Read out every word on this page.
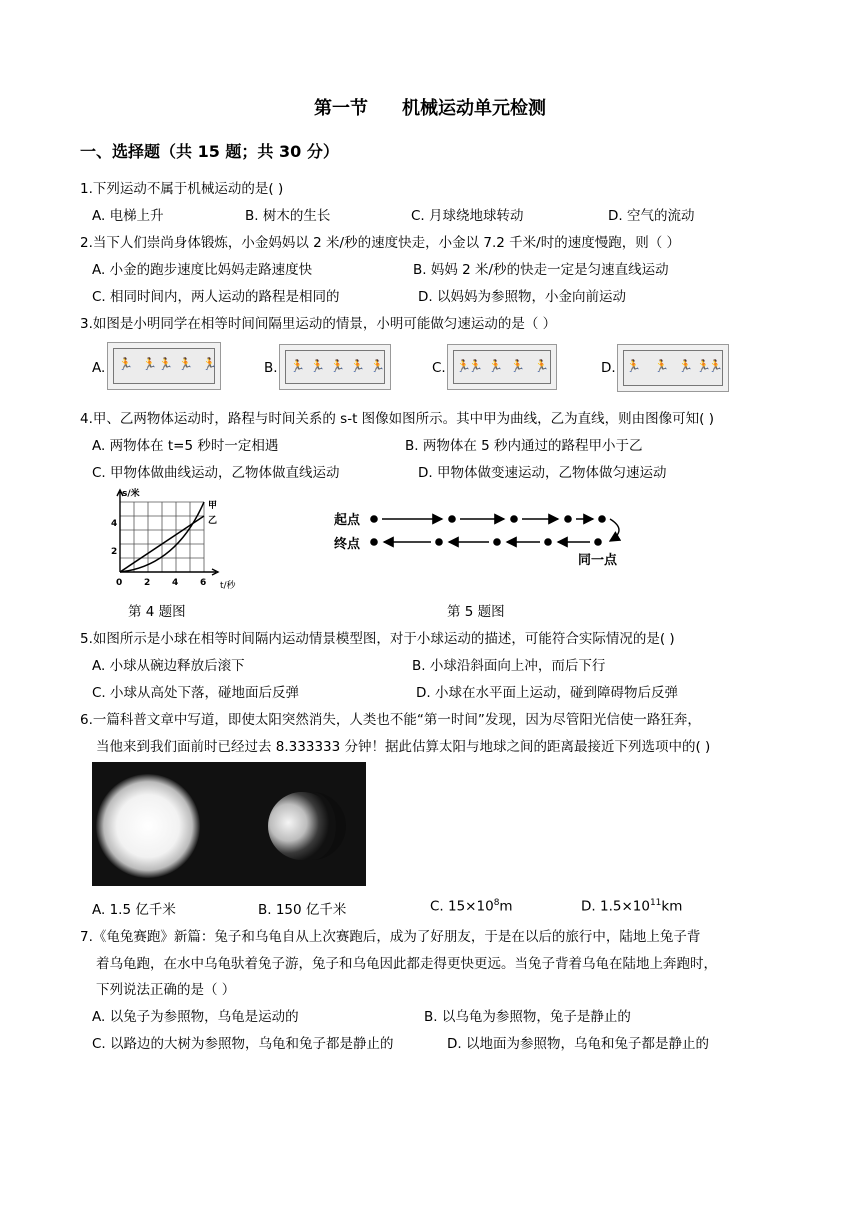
第一节 机械运动单元检测
一、选择题（共 15 题；共 30 分）
1.下列运动不属于机械运动的是( )
A. 电梯上升	B. 树木的生长	C. 月球绕地球转动	D. 空气的流动
2.当下人们崇尚身体锻炼，小金妈妈以 2 米/秒的速度快走，小金以 7.2 千米/时的速度慢跑，则（ ）
A. 小金的跑步速度比妈妈走路速度快	B. 妈妈 2 米/秒的快走一定是匀速直线运动
C. 相同时间内，两人运动的路程是相同的	D. 以妈妈为参照物，小金向前运动
3.如图是小明同学在相等时间间隔里运动的情景，小明可能做匀速运动的是（ ）
A. 🏃 🏃 🏃 🏃 🏃	B. 🏃 🏃 🏃 🏃 🏃	C. 🏃
🏃 🏃 🏃 🏃	D. 🏃 🏃 🏃 🏃
🏃
4.甲、乙两物体运动时，路程与时间关系的 s-t 图像如图所示。其中甲为曲线，乙为直线，则由图像可知( )
A. 两物体在 t=5 秒时一定相遇	B. 两物体在 5 秒内通过的路程甲小于乙
C. 甲物体做曲线运动，乙物体做直线运动	D. 甲物体做变速运动，乙物体做匀速运动
s/米
t/秒
甲
乙
4
2
0 2 4 6
第 4 题图
起点
终点
同一点
第 5 题图
5.如图所示是小球在相等时间隔内运动情景模型图，对于小球运动的描述，可能符合实际情况的是( )
A. 小球从碗边释放后滚下	B. 小球沿斜面向上冲，而后下行
C. 小球从高处下落，碰地面后反弹	D. 小球在水平面上运动，碰到障碍物后反弹
6.一篇科普文章中写道，即使太阳突然消失，人类也不能“第一时间”发现，因为尽管阳光信使一路狂奔，
当他来到我们面前时已经过去 8.333333 分钟！据此估算太阳与地球之间的距离最接近下列选项中的( )
A. 1.5 亿千米	B. 150 亿千米	C. $15\times 10^8m$	D. $1.5\times 10^{11}km$
7.《龟兔赛跑》新篇：兔子和乌龟自从上次赛跑后，成为了好朋友，于是在以后的旅行中，陆地上兔子背
着乌龟跑，在水中乌龟驮着兔子游，兔子和乌龟因此都走得更快更远。当兔子背着乌龟在陆地上奔跑时，
下列说法正确的是（ ）
A. 以兔子为参照物，乌龟是运动的	B. 以乌龟为参照物，兔子是静止的
C. 以路边的大树为参照物，乌龟和兔子都是静止的	D. 以地面为参照物，乌龟和兔子都是静止的
